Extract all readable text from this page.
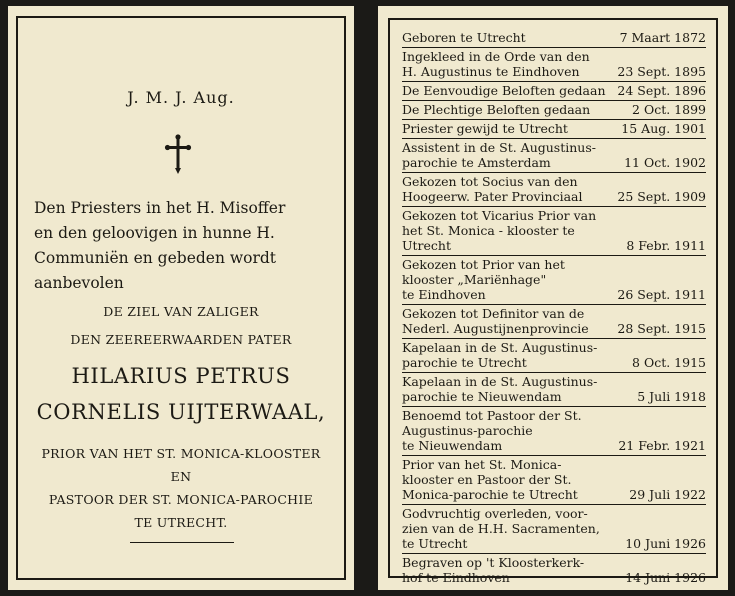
J. M. J. Aug.
Den Priesters in het H. Misoffer
en den geloovigen in hunne H.
Communiën en gebeden wordt
aanbevolen
DE ZIEL VAN ZALIGER
DEN ZEEREERWAARDEN PATER
HILARIUS PETRUS
CORNELIS UIJTERWAAL,
PRIOR VAN HET ST. MONICA-KLOOSTER
EN
PASTOOR DER ST. MONICA-PAROCHIE
TE UTRECHT.
Geboren te Utrecht	7 Maart 1872
Ingekleed in de Orde van den
H. Augustinus te Eindhoven	23 Sept. 1895
De Eenvoudige Beloften gedaan 24 Sept. 1896
De Plechtige Beloften gedaan	2 Oct. 1899
Priester gewijd te Utrecht	15 Aug. 1901
Assistent in de St. Augustinus-
parochie te Amsterdam	11 Oct. 1902
Gekozen tot Socius van den
Hoogeerw. Pater Provinciaal	25 Sept. 1909
Gekozen tot Vicarius Prior van
het St. Monica - klooster te
Utrecht	8 Febr. 1911
Gekozen tot Prior van het
klooster „Mariënhage"
te Eindhoven	26 Sept. 1911
Gekozen tot Definitor van de
Nederl. Augustijnenprovincie	28 Sept. 1915
Kapelaan in de St. Augustinus-
parochie te Utrecht	8 Oct. 1915
Kapelaan in de St. Augustinus-
parochie te Nieuwendam	5 Juli 1918
Benoemd tot Pastoor der St.
Augustinus-parochie
te Nieuwendam	21 Febr. 1921
Prior van het St. Monica-
klooster en Pastoor der St.
Monica-parochie te Utrecht	29 Juli 1922
Godvruchtig overleden, voor-
zien van de H.H. Sacramenten,
te Utrecht	10 Juni 1926
Begraven op 't Kloosterkerk-
hof te Eindhoven	14 Juni 1926
